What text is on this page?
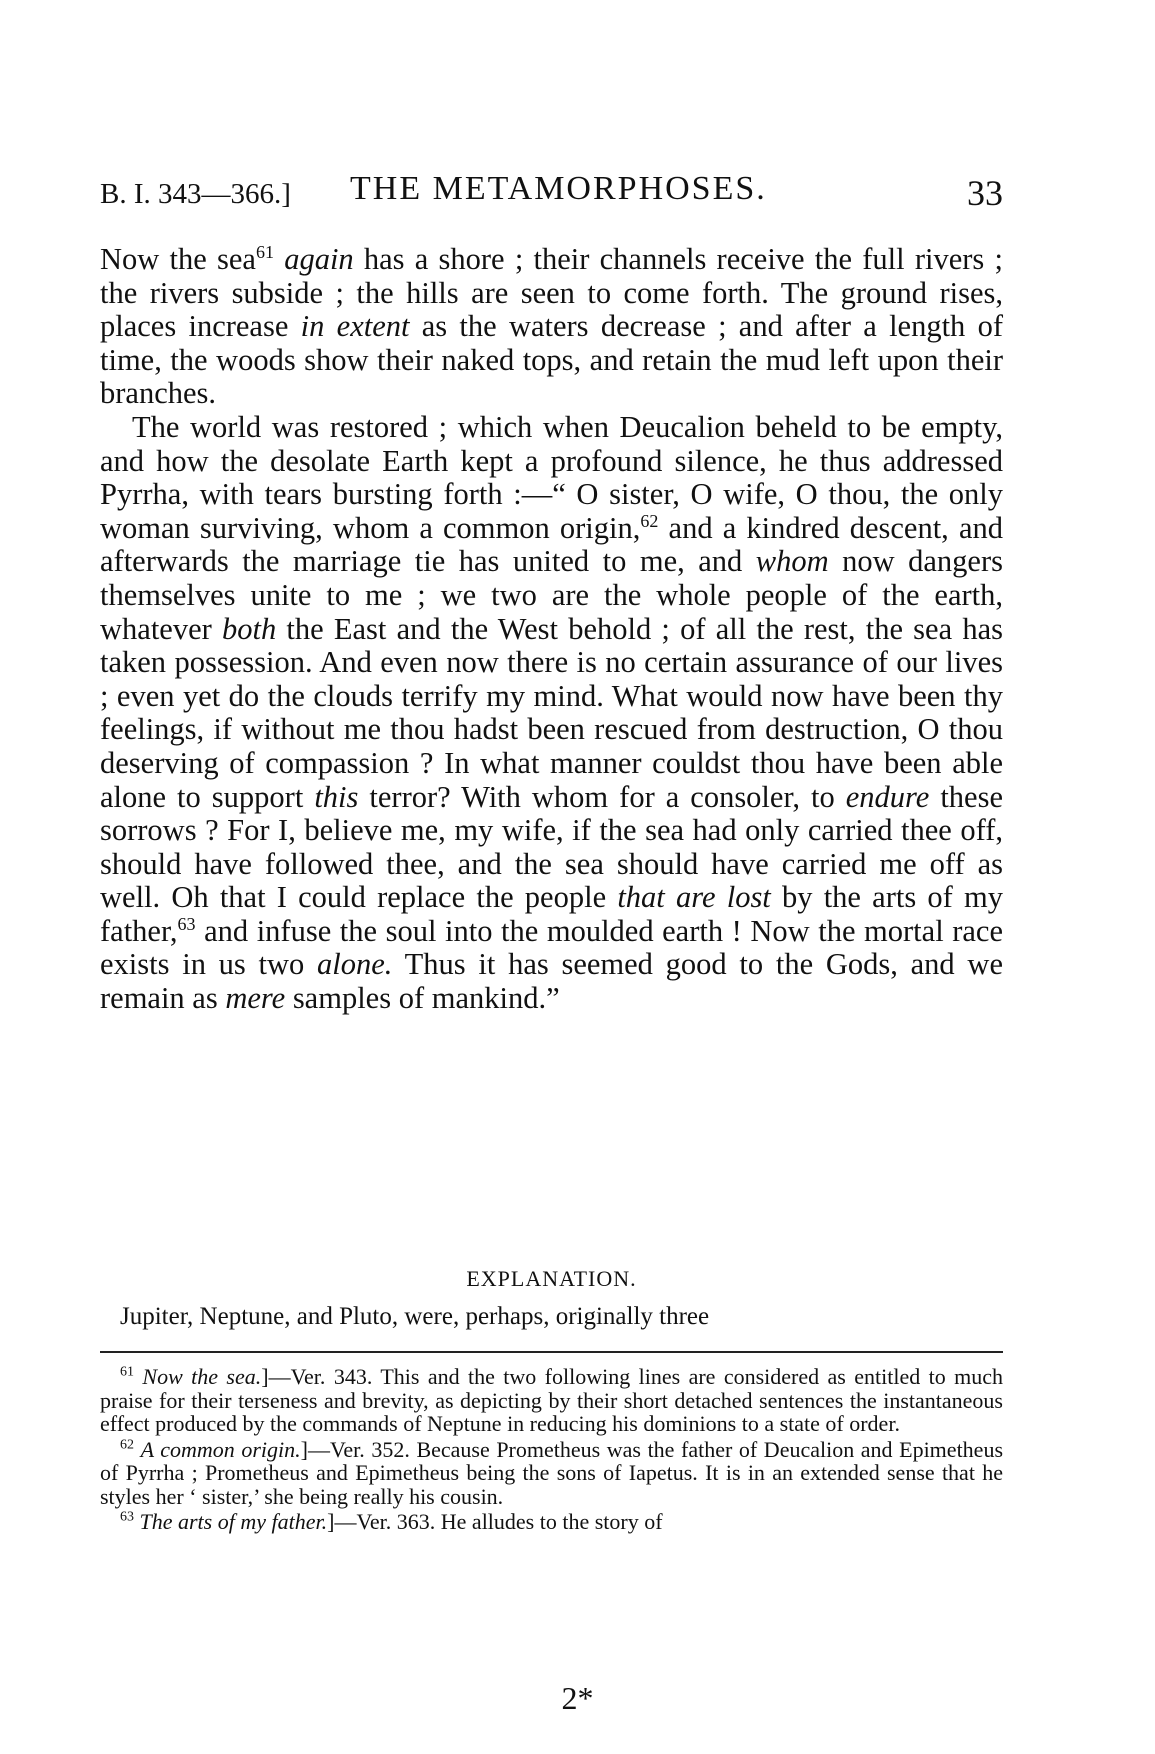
B. I. 343—366.] THE METAMORPHOSES.	33

Now the sea$^{61}$ again has a shore ; their channels receive the full rivers ; the rivers subside ; the hills are seen to come forth. The ground rises, places increase in extent as the waters decrease ; and after a length of time, the woods show their naked tops, and retain the mud left upon their branches.

The world was restored ; which when Deucalion beheld to be empty, and how the desolate Earth kept a profound silence, he thus addressed Pyrrha, with tears bursting forth :—“ O sister, O wife, O thou, the only woman surviving, whom a common origin,$^{62}$ and a kindred descent, and afterwards the marriage tie has united to me, and whom now dangers themselves unite to me ; we two are the whole people of the earth, whatever both the East and the West behold ; of all the rest, the sea has taken possession. And even now there is no certain assurance of our lives ; even yet do the clouds terrify my mind. What would now have been thy feelings, if without me thou hadst been rescued from destruction, O thou deserving of compassion ? In what manner couldst thou have been able alone to support this terror? With whom for a consoler, to endure these sorrows ? For I, believe me, my wife, if the sea had only carried thee off, should have followed thee, and the sea should have carried me off as well. Oh that I could replace the people that are lost by the arts of my father,$^{63}$ and infuse the soul into the moulded earth ! Now the mortal race exists in us two alone. Thus it has seemed good to the Gods, and we remain as mere samples of mankind.”

EXPLANATION.
Jupiter, Neptune, and Pluto, were, perhaps, originally three

$^{61}$ Now the sea.]—Ver. 343. This and the two following lines are considered as entitled to much praise for their terseness and brevity, as depicting by their short detached sentences the instantaneous effect produced by the commands of Neptune in reducing his dominions to a state of order.

$^{62}$ A common origin.]—Ver. 352. Because Prometheus was the father of Deucalion and Epimetheus of Pyrrha ; Prometheus and Epimetheus being the sons of Iapetus. It is in an extended sense that he styles her ‘ sister,’ she being really his cousin.

$^{63}$ The arts of my father.]—Ver. 363. He alludes to the story of

2*
